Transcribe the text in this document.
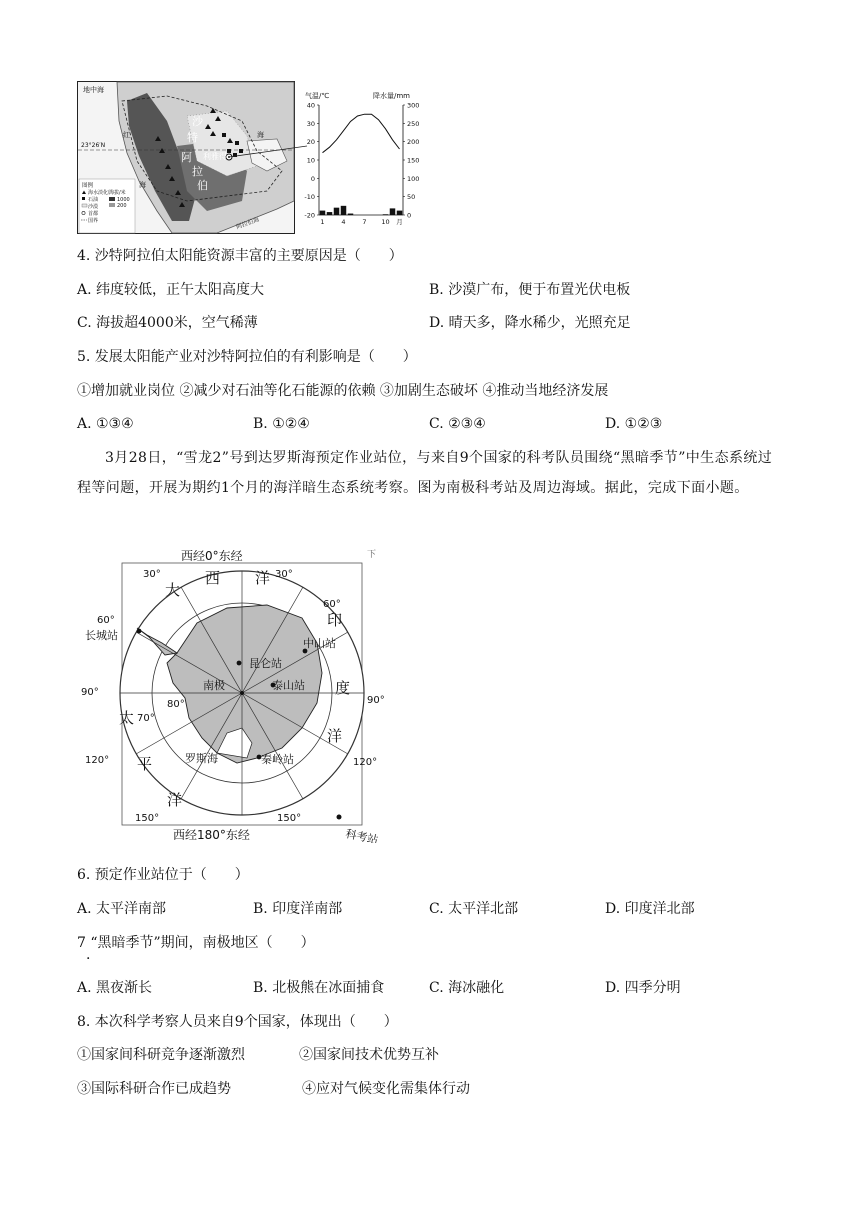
地中海
海
沙
特
阿
拉
伯
利雅得
23°26′N
阿拉伯海
红
海
图例
海水淡化厂
石油
沙漠
首都
国界
海拔/米
1000
200
气温/℃	降水量/mm
40
30
20
10
0
-10
-20
300
250
200
150
100
50
0
1	4	7 10 月
4. 沙特阿拉伯太阳能资源丰富的主要原因是（　　）
A. 纬度较低，正午太阳高度大	B. 沙漠广布，便于布置光伏电板
C. 海拔超4000米，空气稀薄	D. 晴天多，降水稀少，光照充足
5. 发展太阳能产业对沙特阿拉伯的有利影响是（　　）
①增加就业岗位 ②减少对石油等化石能源的依赖 ③加剧生态破坏 ④推动当地经济发展
A. ①③④	B. ①②④	C. ②③④	D. ①②③
3月28日，“雪龙2”号到达罗斯海预定作业站位，与来自9个国家的科考队员围绕“黑暗季节”中生态系统过程等问题，开展为期约1个月的海洋暗生态系统考察。图为南极科考站及周边海域。据此，完成下面小题。
长城站
昆仑站
中山站
泰山站
秦岭站
南极
罗斯海
大
西 洋
印
度
洋
太
平
洋
西经0°东经
西经180°东经
30°	30°
60°
60°
90°
90°
120°	120°
150°	150°
70°
80°
科考站
下
6. 预定作业站位于（　　）
A. 太平洋南部	B. 印度洋南部	C. 太平洋北部	D. 印度洋北部
7 “黑暗季节”期间，南极地区（　　）
·
A. 黑夜渐长	B. 北极熊在冰面捕食	C. 海冰融化	D. 四季分明
8. 本次科学考察人员来自9个国家，体现出（　　）
①国家间科研竞争逐渐激烈	②国家间技术优势互补
③国际科研合作已成趋势	④应对气候变化需集体行动
